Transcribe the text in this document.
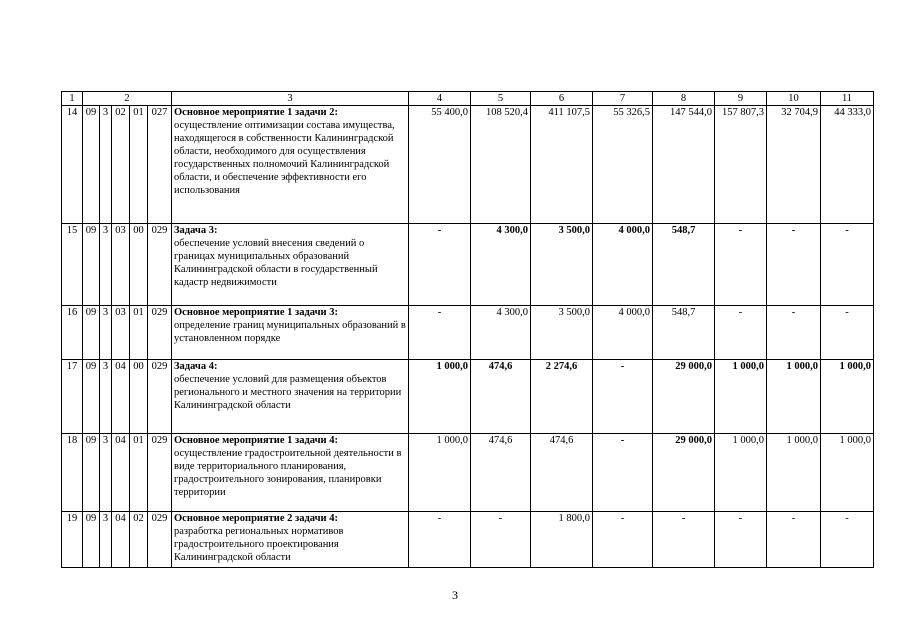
1	2					3	4	5	6	7	8	9	10	11
14	09	3	02	01	027	Основное мероприятие 1 задачи 2:
осуществление оптимизации состава имущества, находящегося в собственности Калининградской области, необходимого для осуществления государственных полномочий Калининградской области, и обеспечение эффективности его использования	55 400,0	108 520,4	411 107,5	55 326,5	147 544,0	157 807,3	32 704,9	44 333,0
15	09	3	03	00	029	Задача 3:
обеспечение условий внесения сведений о границах муниципальных образований Калининградской области в государственный кадастр недвижимости	-	4 300,0	3 500,0	4 000,0	548,7	-	-	-
16	09	3	03	01	029	Основное мероприятие 1 задачи 3:
определение границ муниципальных образований в установленном порядке	-	4 300,0	3 500,0	4 000,0	548,7	-	-	-
17	09	3	04	00	029	Задача 4:
обеспечение условий для размещения объектов регионального и местного значения на территории Калининградской области	1 000,0	474,6	2 274,6	-	29 000,0	1 000,0	1 000,0	1 000,0
18	09	3	04	01	029	Основное мероприятие 1 задачи 4:
осуществление градостроительной деятельности в виде территориального планирования, градостроительного зонирования, планировки территории	1 000,0	474,6	474,6	-	29 000,0	1 000,0	1 000,0	1 000,0
19	09	3	04	02	029	Основное мероприятие 2 задачи 4:
разработка региональных нормативов градостроительного проектирования Калининградской области	-	-	1 800,0	-	-	-	-	-
3
